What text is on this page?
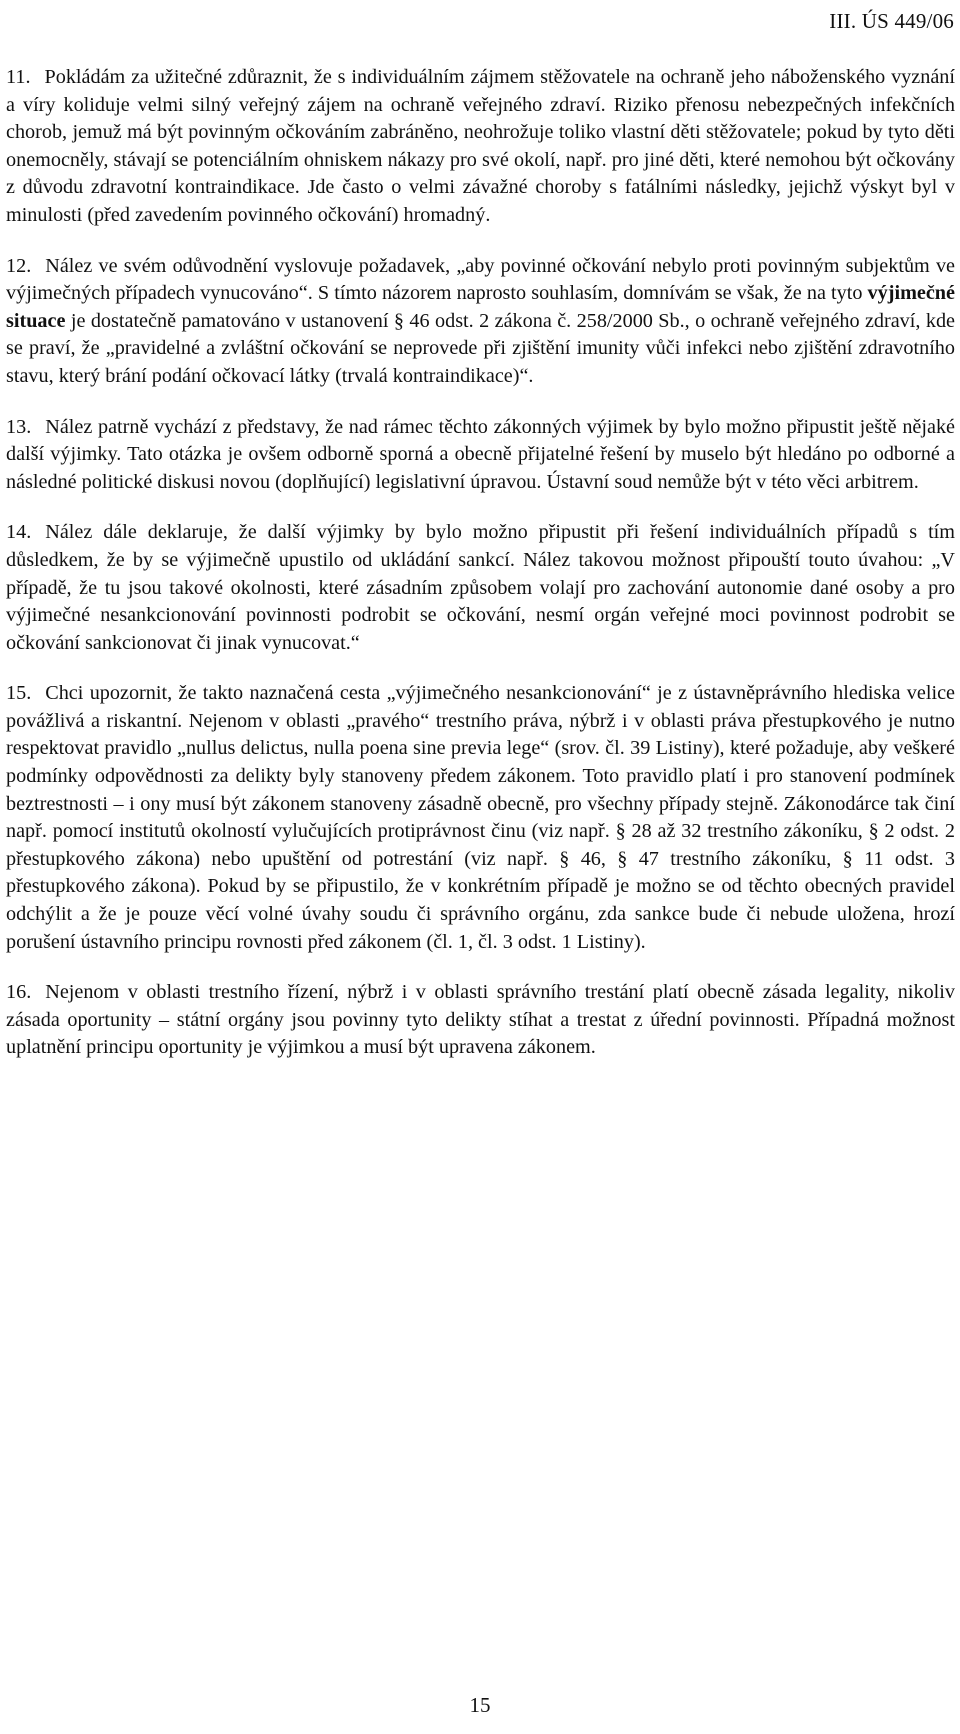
III. ÚS 449/06

11. Pokládám za užitečné zdůraznit, že s individuálním zájmem stěžovatele na ochraně jeho náboženského vyznání a víry koliduje velmi silný veřejný zájem na ochraně veřejného zdraví. Riziko přenosu nebezpečných infekčních chorob, jemuž má být povinným očkováním zabráněno, neohrožuje toliko vlastní děti stěžovatele; pokud by tyto děti onemocněly, stávají se potenciálním ohniskem nákazy pro své okolí, např. pro jiné děti, které nemohou být očkovány z důvodu zdravotní kontraindikace. Jde často o velmi závažné choroby s fatálními následky, jejichž výskyt byl v minulosti (před zavedením povinného očkování) hromadný.

12. Nález ve svém odůvodnění vyslovuje požadavek, „aby povinné očkování nebylo proti povinným subjektům ve výjimečných případech vynucováno“. S tímto názorem naprosto souhlasím, domnívám se však, že na tyto výjimečné situace je dostatečně pamatováno v ustanovení § 46 odst. 2 zákona č. 258/2000 Sb., o ochraně veřejného zdraví, kde se praví, že „pravidelné a zvláštní očkování se neprovede při zjištění imunity vůči infekci nebo zjištění zdravotního stavu, který brání podání očkovací látky (trvalá kontraindikace)“.

13. Nález patrně vychází z představy, že nad rámec těchto zákonných výjimek by bylo možno připustit ještě nějaké další výjimky. Tato otázka je ovšem odborně sporná a obecně přijatelné řešení by muselo být hledáno po odborné a následné politické diskusi novou (doplňující) legislativní úpravou. Ústavní soud nemůže být v této věci arbitrem.

14. Nález dále deklaruje, že další výjimky by bylo možno připustit při řešení individuálních případů s tím důsledkem, že by se výjimečně upustilo od ukládání sankcí. Nález takovou možnost připouští touto úvahou: „V případě, že tu jsou takové okolnosti, které zásadním způsobem volají pro zachování autonomie dané osoby a pro výjimečné nesankcionování povinnosti podrobit se očkování, nesmí orgán veřejné moci povinnost podrobit se očkování sankcionovat či jinak vynucovat.“

15. Chci upozornit, že takto naznačená cesta „výjimečného nesankcionování“ je z ústavněprávního hlediska velice povážlivá a riskantní. Nejenom v oblasti „pravého“ trestního práva, nýbrž i v oblasti práva přestupkového je nutno respektovat pravidlo „nullus delictus, nulla poena sine previa lege“ (srov. čl. 39 Listiny), které požaduje, aby veškeré podmínky odpovědnosti za delikty byly stanoveny předem zákonem. Toto pravidlo platí i pro stanovení podmínek beztrestnosti – i ony musí být zákonem stanoveny zásadně obecně, pro všechny případy stejně. Zákonodárce tak činí např. pomocí institutů okolností vylučujících protiprávnost činu (viz např. § 28 až 32 trestního zákoníku, § 2 odst. 2 přestupkového zákona) nebo upuštění od potrestání (viz např. § 46, § 47 trestního zákoníku, § 11 odst. 3 přestupkového zákona). Pokud by se připustilo, že v konkrétním případě je možno se od těchto obecných pravidel odchýlit a že je pouze věcí volné úvahy soudu či správního orgánu, zda sankce bude či nebude uložena, hrozí porušení ústavního principu rovnosti před zákonem (čl. 1, čl. 3 odst. 1 Listiny).

16. Nejenom v oblasti trestního řízení, nýbrž i v oblasti správního trestání platí obecně zásada legality, nikoliv zásada oportunity – státní orgány jsou povinny tyto delikty stíhat a trestat z úřední povinnosti. Případná možnost uplatnění principu oportunity je výjimkou a musí být upravena zákonem.

15
